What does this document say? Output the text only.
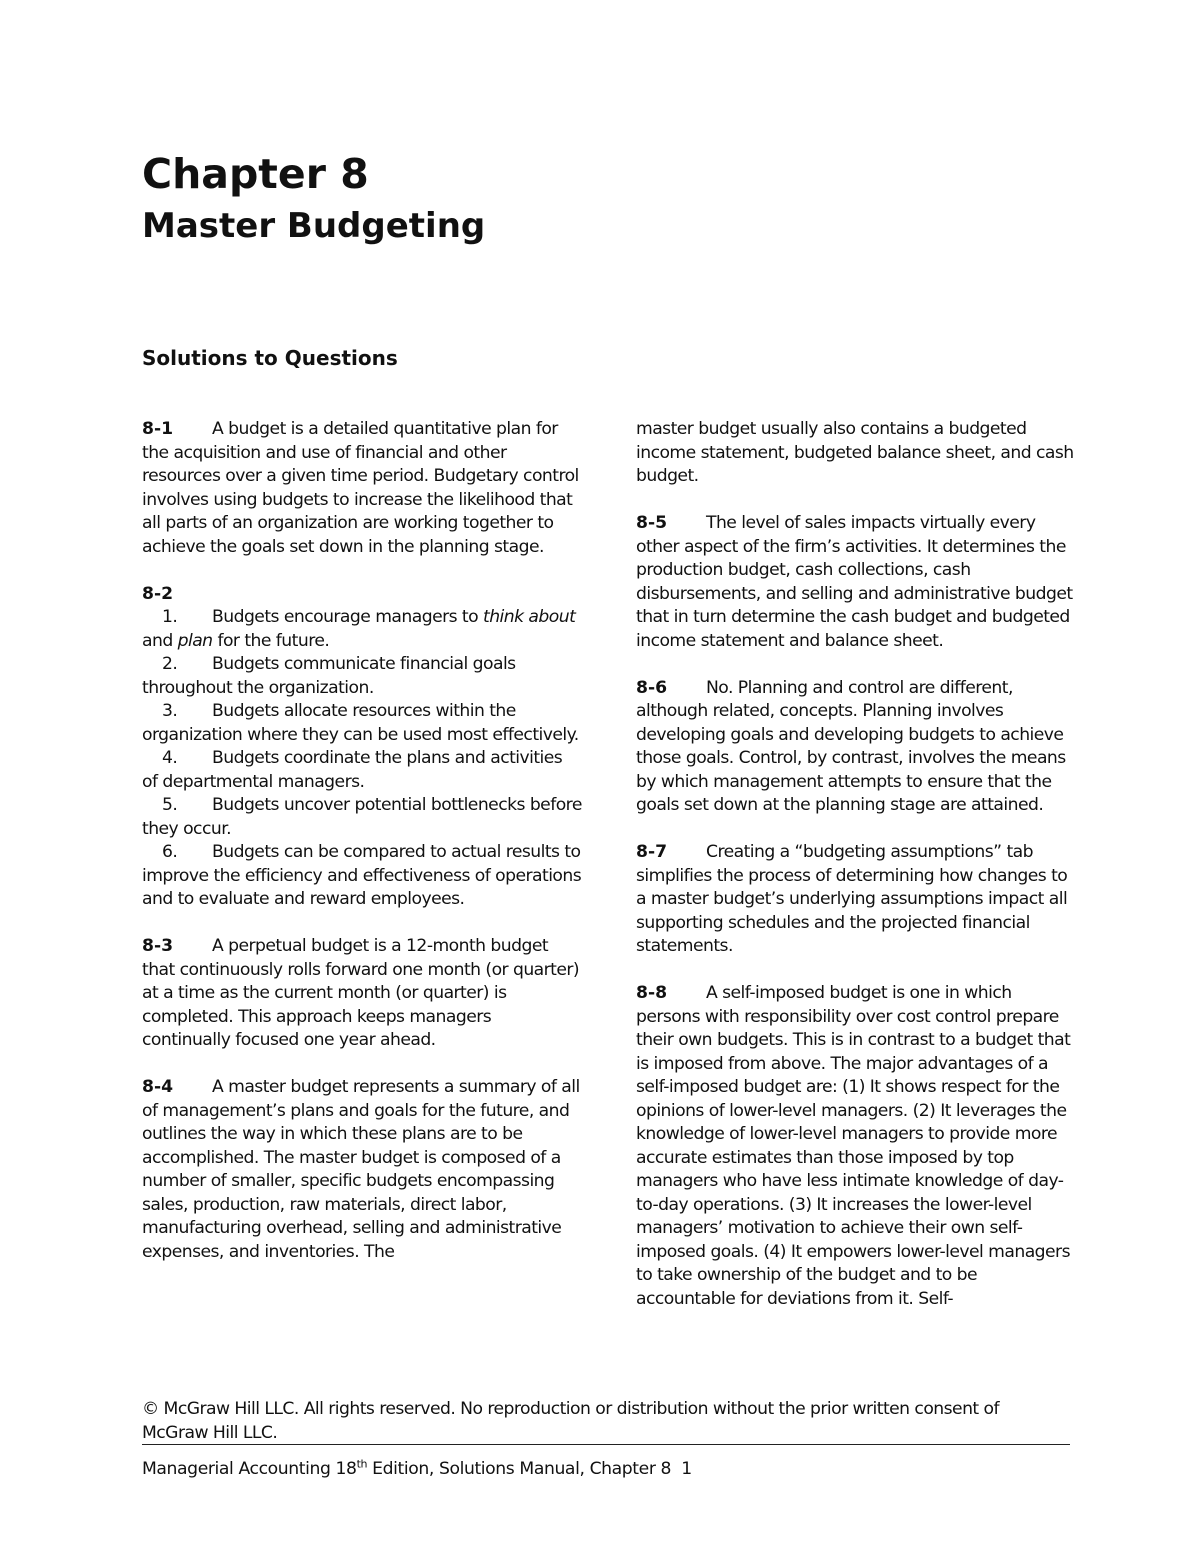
Chapter 8
Master Budgeting
Solutions to Questions

8-1 A budget is a detailed quantitative plan for the acquisition and use of financial and other resources over a given time period. Budgetary control involves using budgets to increase the likelihood that all parts of an organization are working together to achieve the goals set down in the planning stage.

8-2

1. Budgets encourage managers to think about and plan for the future.

2. Budgets communicate financial goals throughout the organization.

3. Budgets allocate resources within the organization where they can be used most effectively.

4. Budgets coordinate the plans and activities of departmental managers.

5. Budgets uncover potential bottlenecks before they occur.

6. Budgets can be compared to actual results to improve the efficiency and effectiveness of operations and to evaluate and reward employees.

8-3 A perpetual budget is a 12-month budget that continuously rolls forward one month (or quarter) at a time as the current month (or quarter) is completed. This approach keeps managers continually focused one year ahead.

8-4 A master budget represents a summary of all of management’s plans and goals for the future, and outlines the way in which these plans are to be accomplished. The master budget is composed of a number of smaller, specific budgets encompassing sales, production, raw materials, direct labor, manufacturing overhead, selling and administrative expenses, and inventories. The

master budget usually also contains a budgeted income statement, budgeted balance sheet, and cash budget.

8-5 The level of sales impacts virtually every other aspect of the firm’s activities. It determines the production budget, cash collections, cash disbursements, and selling and administrative budget that in turn determine the cash budget and budgeted income statement and balance sheet.

8-6 No. Planning and control are different, although related, concepts. Planning involves developing goals and developing budgets to achieve those goals. Control, by contrast, involves the means by which management attempts to ensure that the goals set down at the planning stage are attained.

8-7 Creating a “budgeting assumptions” tab simplifies the process of determining how changes to a master budget’s underlying assumptions impact all supporting schedules and the projected financial statements.

8-8 A self-imposed budget is one in which persons with responsibility over cost control prepare their own budgets. This is in contrast to a budget that is imposed from above. The major advantages of a self-imposed budget are: (1) It shows respect for the opinions of lower-level managers. (2) It leverages the knowledge of lower-level managers to provide more accurate estimates than those imposed by top managers who have less intimate knowledge of day-to-day operations. (3) It increases the lower-level managers’ motivation to achieve their own self-imposed goals. (4) It empowers lower-level managers to take ownership of the budget and to be accountable for deviations from it. Self-

© McGraw Hill LLC. All rights reserved. No reproduction or distribution without the prior written consent of McGraw Hill LLC.
Managerial Accounting 18th Edition, Solutions Manual, Chapter 8 1
